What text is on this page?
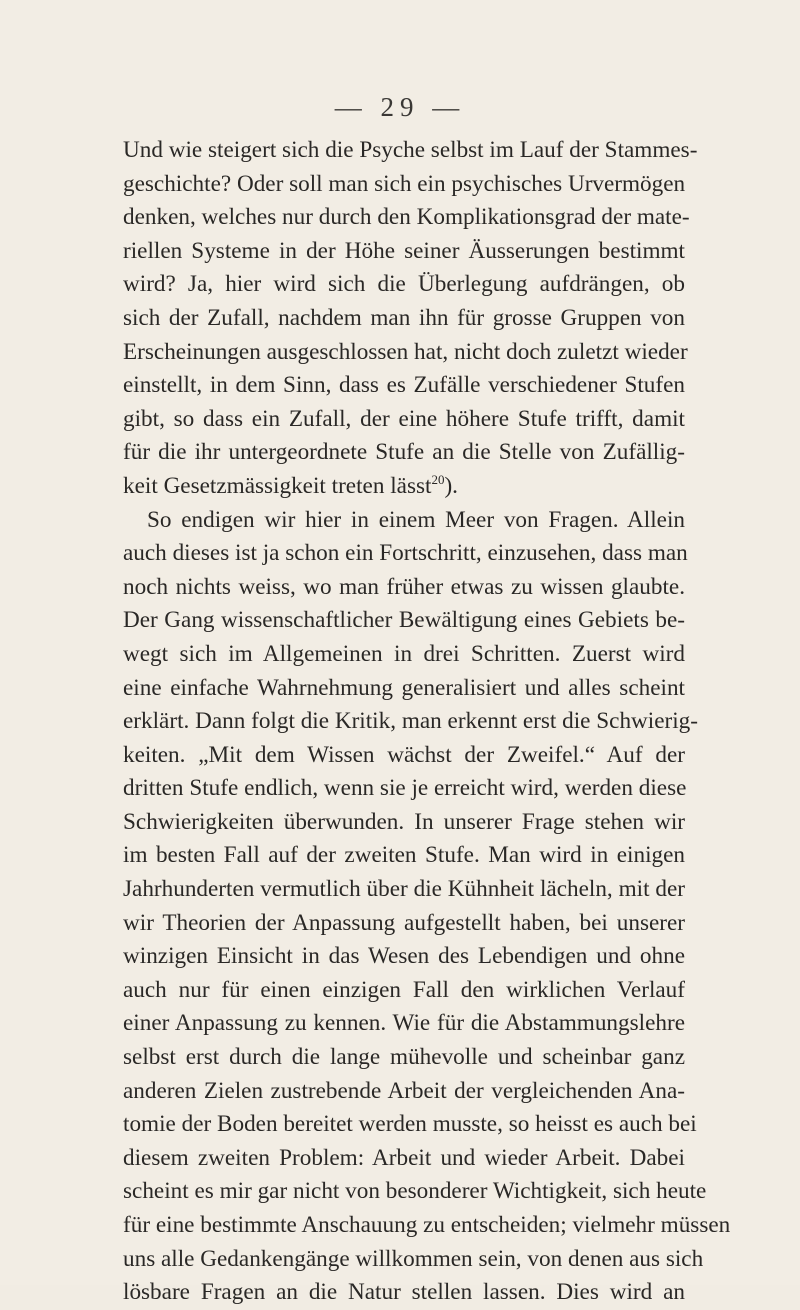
— 29 —
Und wie steigert sich die Psyche selbst im Lauf der Stammes-
geschichte? Oder soll man sich ein psychisches Urvermögen
denken, welches nur durch den Komplikationsgrad der mate-
riellen Systeme in der Höhe seiner Äusserungen bestimmt
wird? Ja, hier wird sich die Überlegung aufdrängen, ob
sich der Zufall, nachdem man ihn für grosse Gruppen von
Erscheinungen ausgeschlossen hat, nicht doch zuletzt wieder
einstellt, in dem Sinn, dass es Zufälle verschiedener Stufen
gibt, so dass ein Zufall, der eine höhere Stufe trifft, damit
für die ihr untergeordnete Stufe an die Stelle von Zufällig-
keit Gesetzmässigkeit treten lässt$^{20}$).
So endigen wir hier in einem Meer von Fragen. Allein
auch dieses ist ja schon ein Fortschritt, einzusehen, dass man
noch nichts weiss, wo man früher etwas zu wissen glaubte.
Der Gang wissenschaftlicher Bewältigung eines Gebiets be-
wegt sich im Allgemeinen in drei Schritten. Zuerst wird
eine einfache Wahrnehmung generalisiert und alles scheint
erklärt. Dann folgt die Kritik, man erkennt erst die Schwierig-
keiten. „Mit dem Wissen wächst der Zweifel.“ Auf der
dritten Stufe endlich, wenn sie je erreicht wird, werden diese
Schwierigkeiten überwunden. In unserer Frage stehen wir
im besten Fall auf der zweiten Stufe. Man wird in einigen
Jahrhunderten vermutlich über die Kühnheit lächeln, mit der
wir Theorien der Anpassung aufgestellt haben, bei unserer
winzigen Einsicht in das Wesen des Lebendigen und ohne
auch nur für einen einzigen Fall den wirklichen Verlauf
einer Anpassung zu kennen. Wie für die Abstammungslehre
selbst erst durch die lange mühevolle und scheinbar ganz
anderen Zielen zustrebende Arbeit der vergleichenden Ana-
tomie der Boden bereitet werden musste, so heisst es auch bei
diesem zweiten Problem: Arbeit und wieder Arbeit. Dabei
scheint es mir gar nicht von besonderer Wichtigkeit, sich heute
für eine bestimmte Anschauung zu entscheiden; vielmehr müssen
uns alle Gedankengänge willkommen sein, von denen aus sich
lösbare Fragen an die Natur stellen lassen. Dies wird an
